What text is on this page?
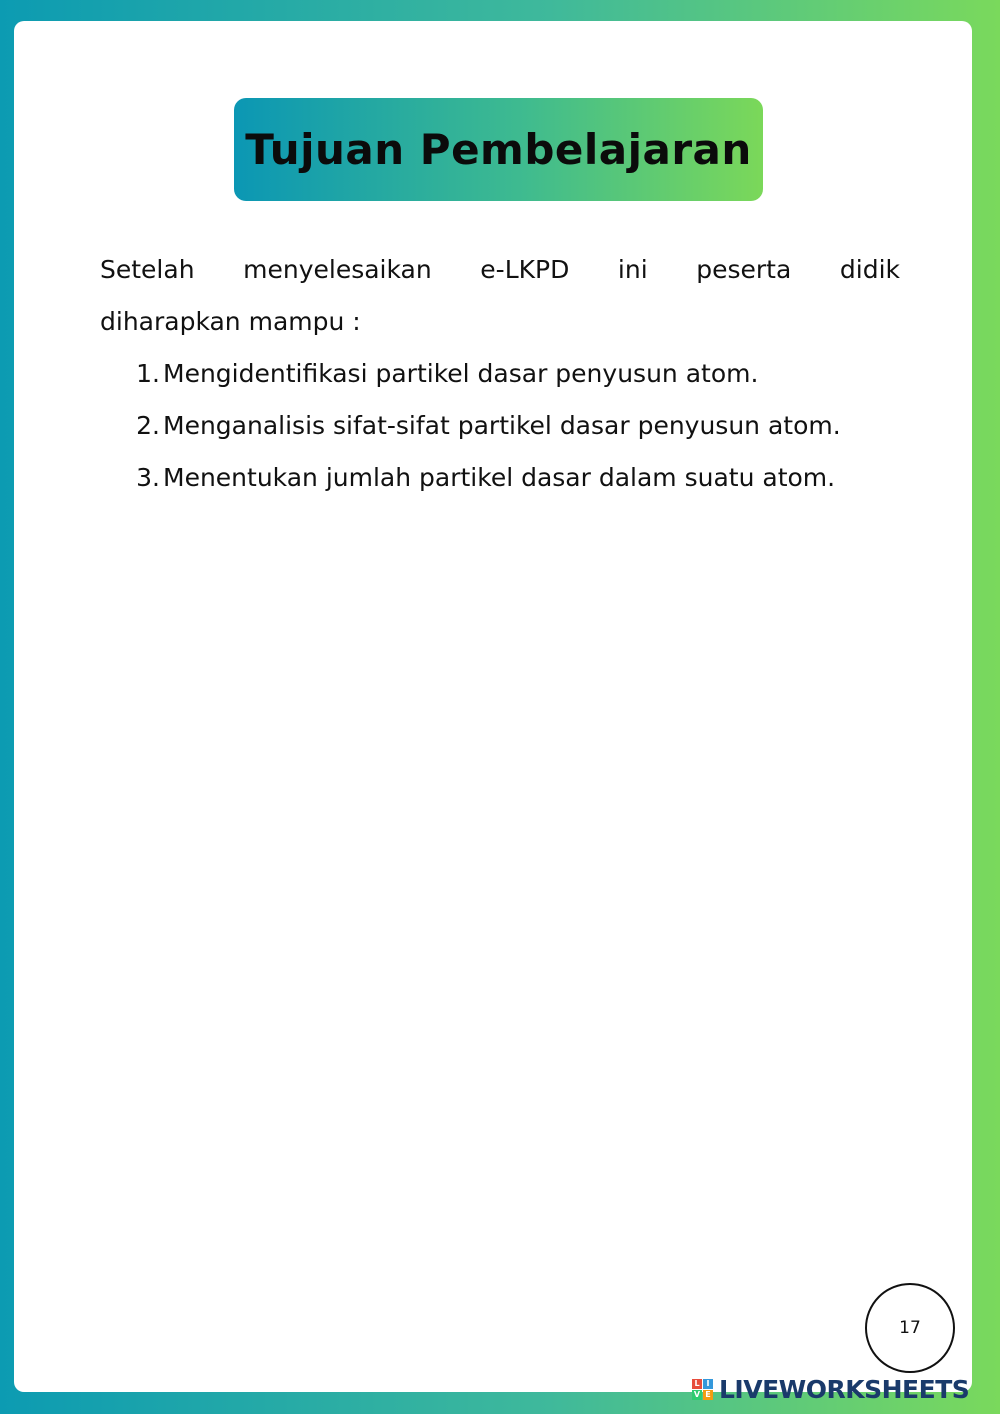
Tujuan Pembelajaran

Setelah menyelesaikan e-LKPD ini peserta didik
diharapkan mampu :

1. Mengidentifikasi partikel dasar penyusun atom.
2. Menganalisis sifat-sifat partikel dasar penyusun atom.
3. Menentukan jumlah partikel dasar dalam suatu atom.
17
L I
V E LIVEWORKSHEETS
